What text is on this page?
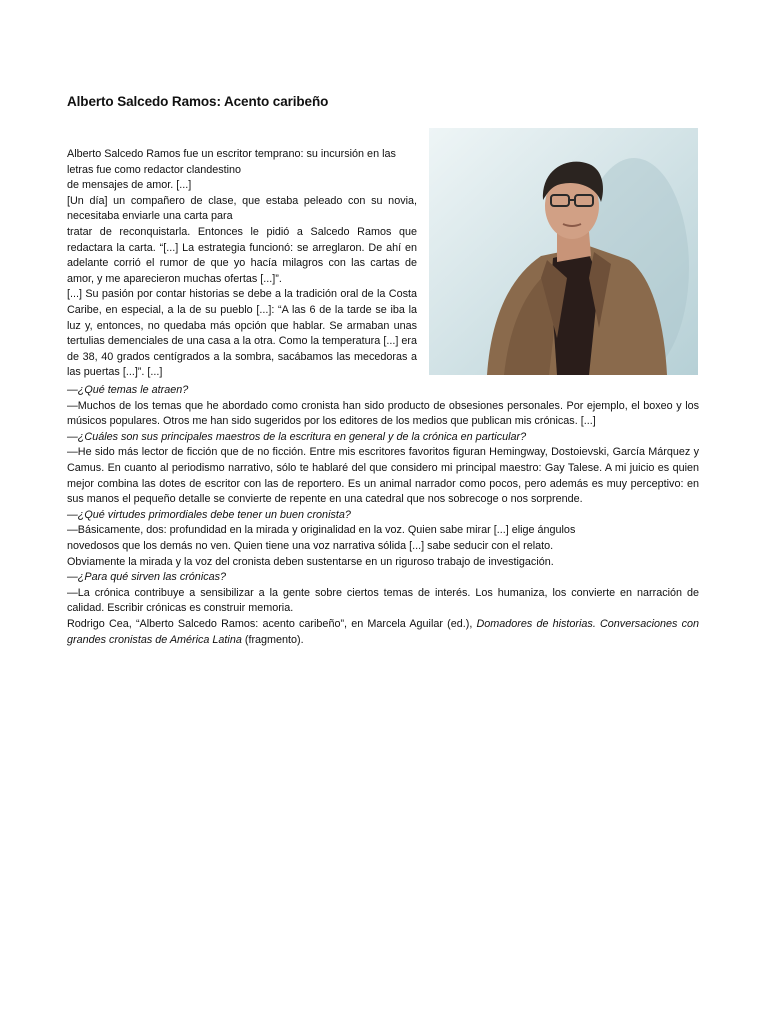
Alberto Salcedo Ramos: Acento caribeño

Alberto Salcedo Ramos fue un escritor temprano: su incursión en las letras fue como redactor clandestino

de mensajes de amor. [...]

[Un día] un compañero de clase, que estaba peleado con su novia, necesitaba enviarle una carta para

tratar de reconquistarla. Entonces le pidió a Salcedo Ramos que redactara la carta. “[...] La estrategia funcionó: se arreglaron. De ahí en adelante corrió el rumor de que yo hacía milagros con las cartas de amor, y me aparecieron muchas ofertas [...]”.

[...] Su pasión por contar historias se debe a la tradición oral de la Costa Caribe, en especial, a la de su pueblo [...]: “A las 6 de la tarde se iba la luz y, entonces, no quedaba más opción que hablar. Se armaban unas tertulias demenciales de una casa a la otra. Como la temperatura [...] era de 38, 40 grados centígrados a la sombra, sacábamos las mecedoras a las puertas [...]”. [...]

—¿Qué temas le atraen?

—Muchos de los temas que he abordado como cronista han sido producto de obsesiones personales. Por ejemplo, el boxeo y los músicos populares. Otros me han sido sugeridos por los editores de los medios que publican mis crónicas. [...]

—¿Cuáles son sus principales maestros de la escritura en general y de la crónica en particular?

—He sido más lector de ficción que de no ficción. Entre mis escritores favoritos figuran Hemingway, Dostoievski, García Márquez y Camus. En cuanto al periodismo narrativo, sólo te hablaré del que considero mi principal maestro: Gay Talese. A mi juicio es quien mejor combina las dotes de escritor con las de reportero. Es un animal narrador como pocos, pero además es muy perceptivo: en sus manos el pequeño detalle se convierte de repente en una catedral que nos sobrecoge o nos sorprende.

—¿Qué virtudes primordiales debe tener un buen cronista?

—Básicamente, dos: profundidad en la mirada y originalidad en la voz. Quien sabe mirar [...] elige ángulos

novedosos que los demás no ven. Quien tiene una voz narrativa sólida [...] sabe seducir con el relato.

Obviamente la mirada y la voz del cronista deben sustentarse en un riguroso trabajo de investigación.

—¿Para qué sirven las crónicas?

—La crónica contribuye a sensibilizar a la gente sobre ciertos temas de interés. Los humaniza, los convierte en narración de calidad. Escribir crónicas es construir memoria.

Rodrigo Cea, “Alberto Salcedo Ramos: acento caribeño”, en Marcela Aguilar (ed.), Domadores de historias. Conversaciones con grandes cronistas de América Latina (fragmento).
